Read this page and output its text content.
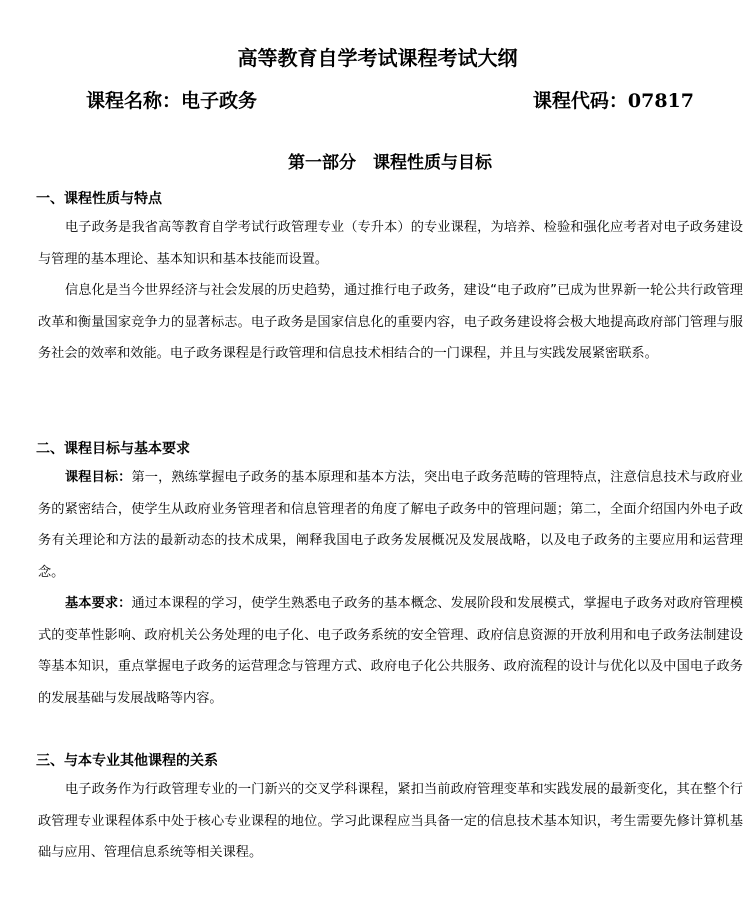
高等教育自学考试课程考试大纲
课程名称：电子政务	课程代码：07817
第一部分　课程性质与目标
一、课程性质与特点
电子政务是我省高等教育自学考试行政管理专业（专升本）的专业课程，为培养、检验和强化应考者对电子政务建设与管理的基本理论、基本知识和基本技能而设置。
信息化是当今世界经济与社会发展的历史趋势，通过推行电子政务，建设“电子政府”已成为世界新一轮公共行政管理改革和衡量国家竞争力的显著标志。电子政务是国家信息化的重要内容，电子政务建设将会极大地提高政府部门管理与服务社会的效率和效能。电子政务课程是行政管理和信息技术相结合的一门课程，并且与实践发展紧密联系。
二、课程目标与基本要求
课程目标：第一，熟练掌握电子政务的基本原理和基本方法，突出电子政务范畴的管理特点，注意信息技术与政府业务的紧密结合，使学生从政府业务管理者和信息管理者的角度了解电子政务中的管理问题；第二，全面介绍国内外电子政务有关理论和方法的最新动态的技术成果，阐释我国电子政务发展概况及发展战略，以及电子政务的主要应用和运营理念。
基本要求：通过本课程的学习，使学生熟悉电子政务的基本概念、发展阶段和发展模式，掌握电子政务对政府管理模式的变革性影响、政府机关公务处理的电子化、电子政务系统的安全管理、政府信息资源的开放利用和电子政务法制建设等基本知识，重点掌握电子政务的运营理念与管理方式、政府电子化公共服务、政府流程的设计与优化以及中国电子政务的发展基础与发展战略等内容。
三、与本专业其他课程的关系
电子政务作为行政管理专业的一门新兴的交叉学科课程，紧扣当前政府管理变革和实践发展的最新变化，其在整个行政管理专业课程体系中处于核心专业课程的地位。学习此课程应当具备一定的信息技术基本知识，考生需要先修计算机基础与应用、管理信息系统等相关课程。
